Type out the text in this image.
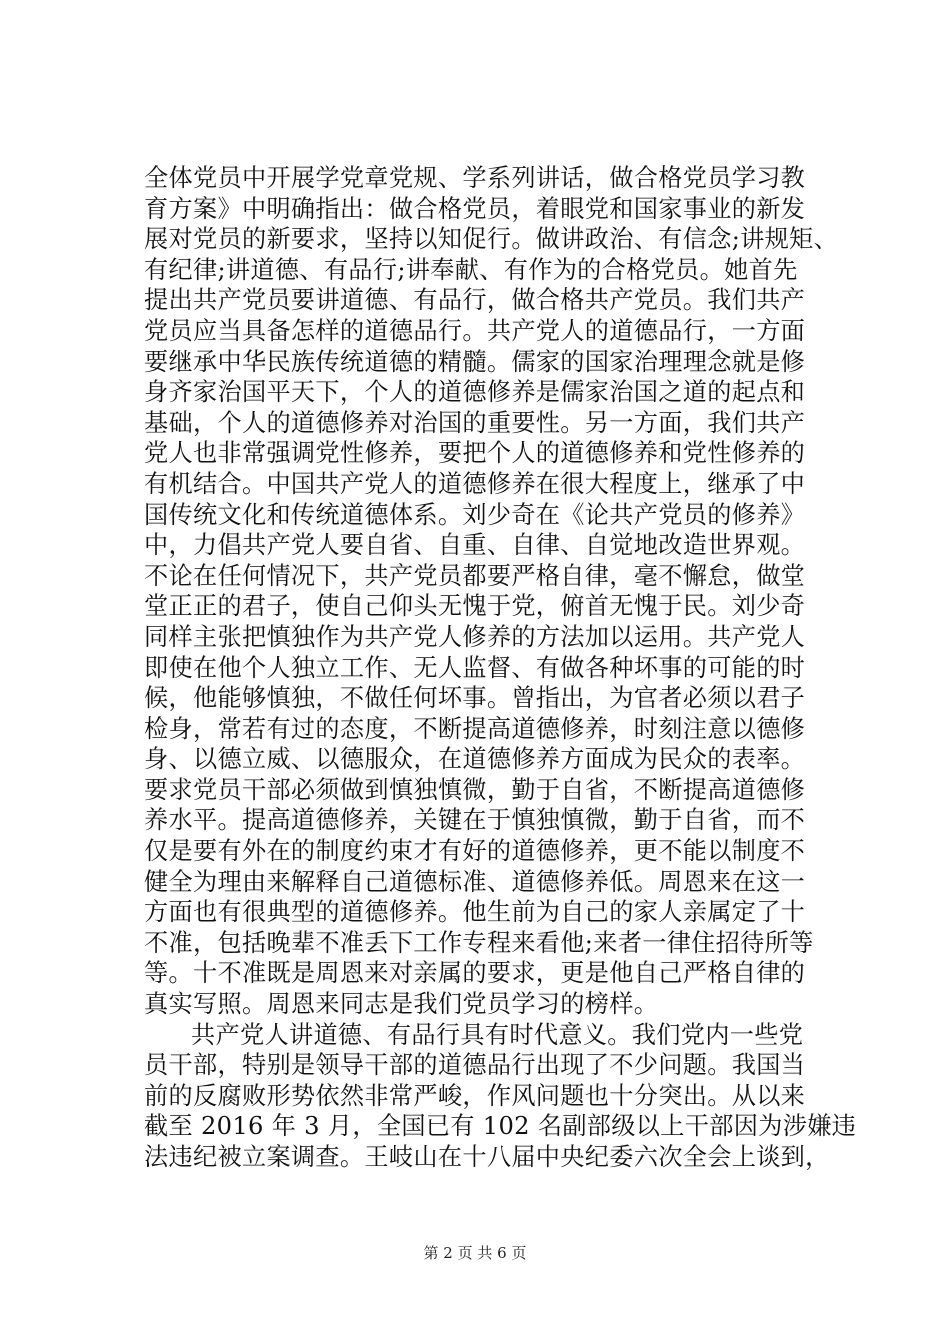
全体党员中开展学党章党规、学系列讲话，做合格党员学习教
育方案》中明确指出：做合格党员，着眼党和国家事业的新发
展对党员的新要求，坚持以知促行。做讲政治、有信念;讲规矩、
有纪律;讲道德、有品行;讲奉献、有作为的合格党员。她首先
提出共产党员要讲道德、有品行，做合格共产党员。我们共产
党员应当具备怎样的道德品行。共产党人的道德品行，一方面
要继承中华民族传统道德的精髓。儒家的国家治理理念就是修
身齐家治国平天下，个人的道德修养是儒家治国之道的起点和
基础，个人的道德修养对治国的重要性。另一方面，我们共产
党人也非常强调党性修养，要把个人的道德修养和党性修养的
有机结合。中国共产党人的道德修养在很大程度上，继承了中
国传统文化和传统道德体系。刘少奇在《论共产党员的修养》
中，力倡共产党人要自省、自重、自律、自觉地改造世界观。
不论在任何情况下，共产党员都要严格自律，毫不懈怠，做堂
堂正正的君子，使自己仰头无愧于党，俯首无愧于民。刘少奇
同样主张把慎独作为共产党人修养的方法加以运用。共产党人
即使在他个人独立工作、无人监督、有做各种坏事的可能的时
候，他能够慎独，不做任何坏事。曾指出，为官者必须以君子
检身，常若有过的态度，不断提高道德修养，时刻注意以德修
身、以德立威、以德服众，在道德修养方面成为民众的表率。
要求党员干部必须做到慎独慎微，勤于自省，不断提高道德修
养水平。提高道德修养，关键在于慎独慎微，勤于自省，而不
仅是要有外在的制度约束才有好的道德修养，更不能以制度不
健全为理由来解释自己道德标准、道德修养低。周恩来在这一
方面也有很典型的道德修养。他生前为自己的家人亲属定了十
不准，包括晚辈不准丢下工作专程来看他;来者一律住招待所等
等。十不准既是周恩来对亲属的要求，更是他自己严格自律的
真实写照。周恩来同志是我们党员学习的榜样。
共产党人讲道德、有品行具有时代意义。我们党内一些党
员干部，特别是领导干部的道德品行出现了不少问题。我国当
前的反腐败形势依然非常严峻，作风问题也十分突出。从以来
截至 2016 年 3 月，全国已有 102 名副部级以上干部因为涉嫌违
法违纪被立案调查。王岐山在十八届中央纪委六次全会上谈到，
第 2 页 共 6 页
